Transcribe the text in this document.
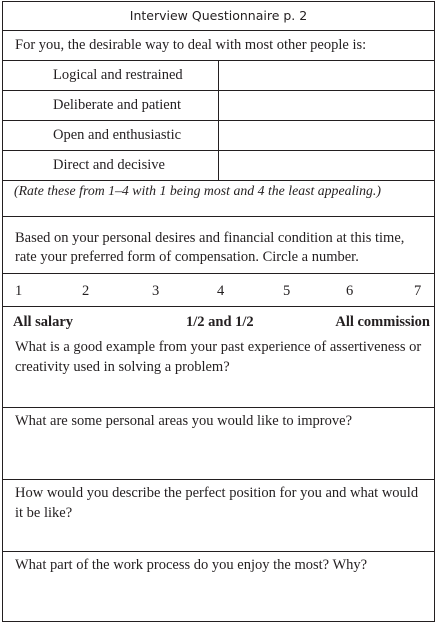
Interview Questionnaire p. 2
For you, the desirable way to deal with most other people is:
Logical and restrained
Deliberate and patient
Open and enthusiastic
Direct and decisive
(Rate these from 1–4 with 1 being most and 4 the least appealing.)
Based on your personal desires and financial condition at this time, rate your preferred form of compensation. Circle a number.
1	2	3	4	5	6	7
All salary	1/2 and 1/2	All commission
What is a good example from your past experience of assertiveness or creativity used in solving a problem?
What are some personal areas you would like to improve?
How would you describe the perfect position for you and what would it be like?
What part of the work process do you enjoy the most? Why?
